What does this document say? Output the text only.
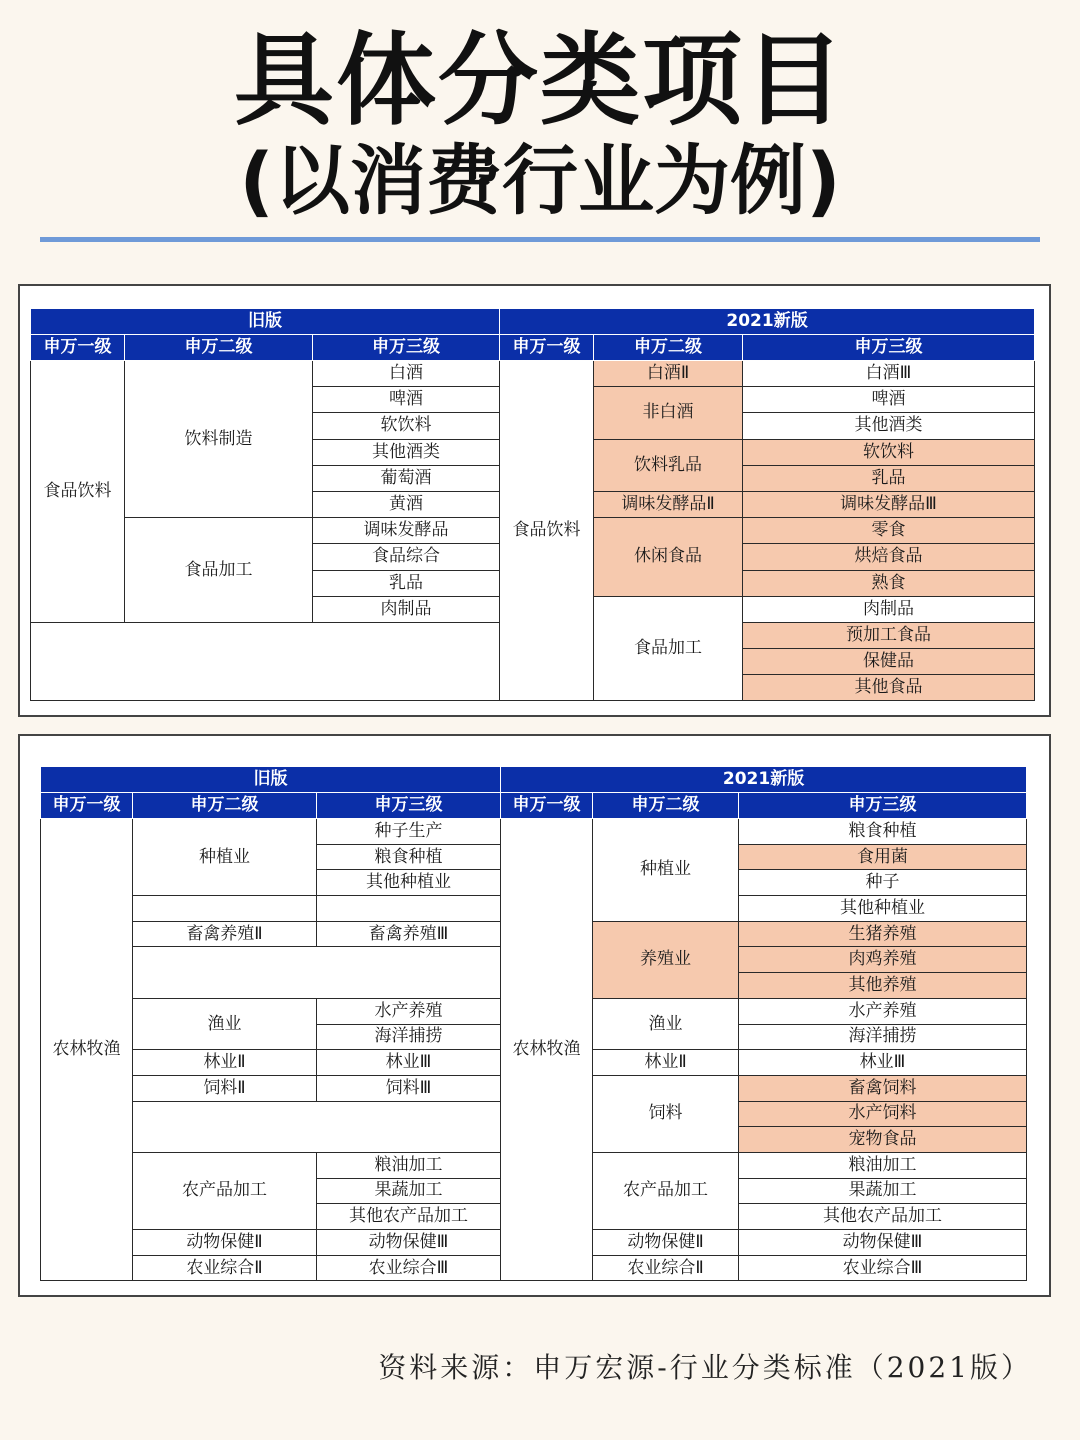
具体分类项目
(以消费行业为例)
旧版			2021新版		
申万一级	申万二级	申万三级	申万一级	申万二级	申万三级
食品饮料	饮料制造	白酒	食品饮料	白酒Ⅱ	白酒Ⅲ
		啤酒		非白酒	啤酒
		软饮料			其他酒类
		其他酒类		饮料乳品	软饮料
		葡萄酒			乳品
		黄酒		调味发酵品Ⅱ	调味发酵品Ⅲ
	食品加工	调味发酵品		休闲食品	零食
		食品综合			烘焙食品
		乳品			熟食
		肉制品		食品加工	肉制品
					预加工食品
					保健品
					其他食品
旧版			2021新版		
申万一级	申万二级	申万三级	申万一级	申万二级	申万三级
农林牧渔	种植业	种子生产	农林牧渔	种植业	粮食种植
		粮食种植			食用菌
		其他种植业			种子
					其他种植业
	畜禽养殖Ⅱ	畜禽养殖Ⅲ		养殖业	生猪养殖
					肉鸡养殖
					其他养殖
	渔业	水产养殖		渔业	水产养殖
		海洋捕捞			海洋捕捞
	林业Ⅱ	林业Ⅲ		林业Ⅱ	林业Ⅲ
	饲料Ⅱ	饲料Ⅲ		饲料	畜禽饲料
					水产饲料
					宠物食品
	农产品加工	粮油加工		农产品加工	粮油加工
		果蔬加工			果蔬加工
		其他农产品加工			其他农产品加工
	动物保健Ⅱ	动物保健Ⅲ		动物保健Ⅱ	动物保健Ⅲ
	农业综合Ⅱ	农业综合Ⅲ		农业综合Ⅱ	农业综合Ⅲ
资料来源：申万宏源-行业分类标准（2021版）
